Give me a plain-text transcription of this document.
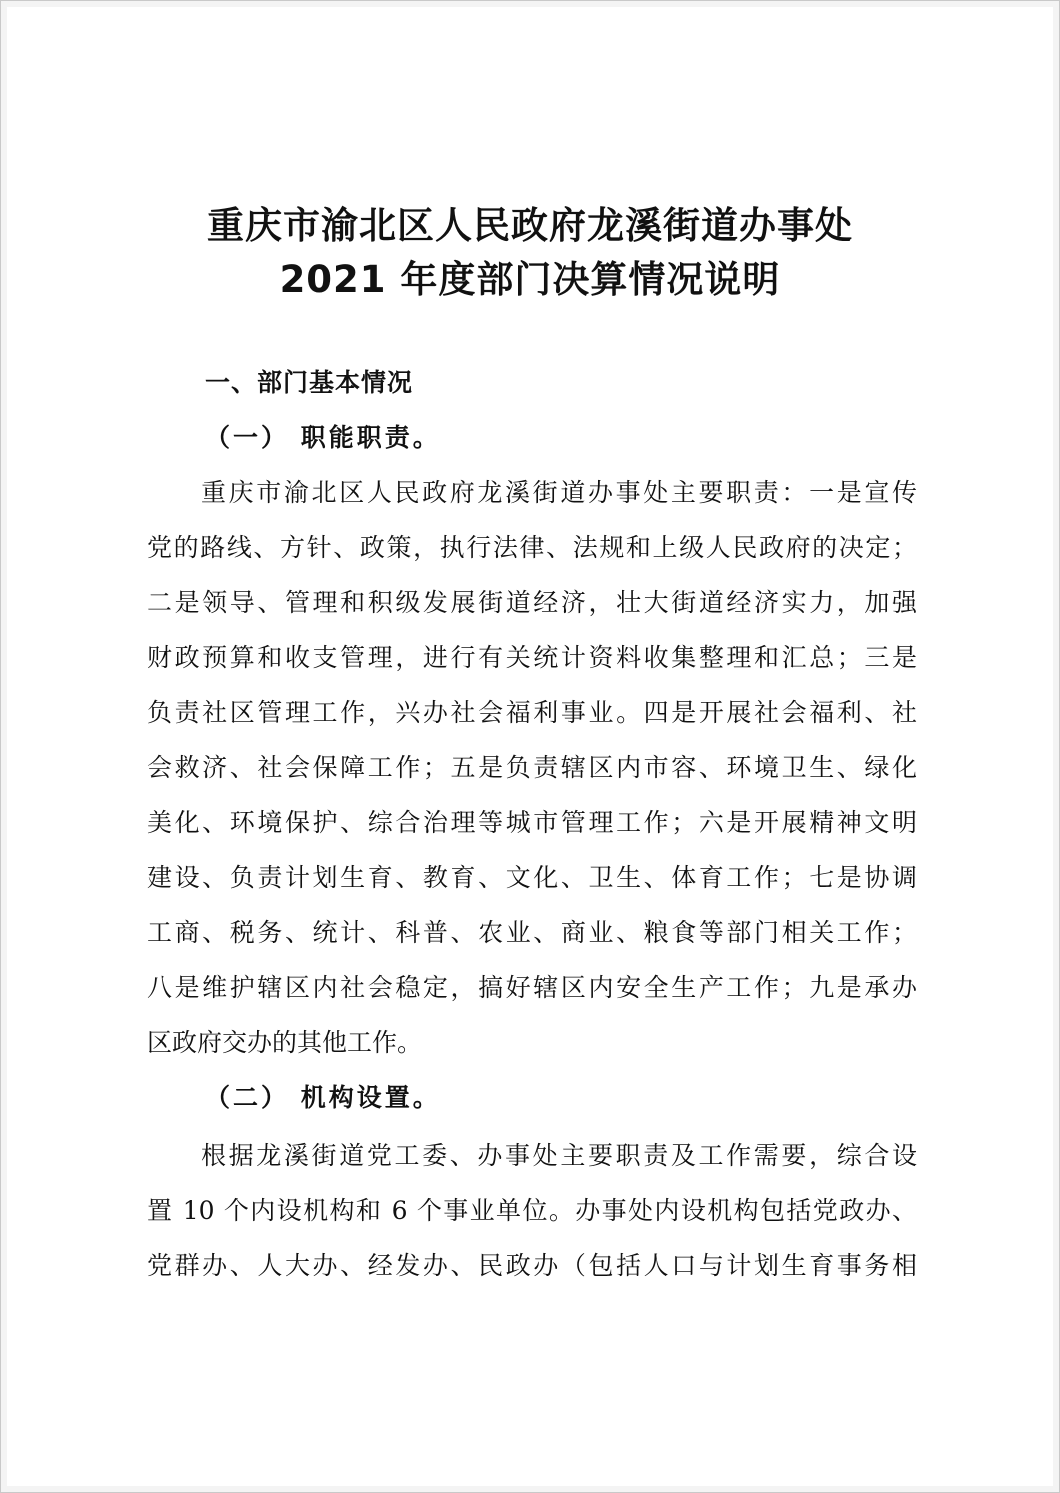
重庆市渝北区人民政府龙溪街道办事处
2021 年度部门决算情况说明
一、部门基本情况
（一） 职能职责。
重庆市渝北区人民政府龙溪街道办事处主要职责：一是宣传
党的路线、方针、政策，执行法律、法规和上级人民政府的决定；
二是领导、管理和积级发展街道经济，壮大街道经济实力，加强
财政预算和收支管理，进行有关统计资料收集整理和汇总；三是
负责社区管理工作，兴办社会福利事业。四是开展社会福利、社
会救济、社会保障工作；五是负责辖区内市容、环境卫生、绿化
美化、环境保护、综合治理等城市管理工作；六是开展精神文明
建设、负责计划生育、教育、文化、卫生、体育工作；七是协调
工商、税务、统计、科普、农业、商业、粮食等部门相关工作；
八是维护辖区内社会稳定，搞好辖区内安全生产工作；九是承办
区政府交办的其他工作。
（二） 机构设置。
根据龙溪街道党工委、办事处主要职责及工作需要，综合设
置 10 个内设机构和 6 个事业单位。办事处内设机构包括党政办、
党群办、人大办、经发办、民政办（包括人口与计划生育事务相
